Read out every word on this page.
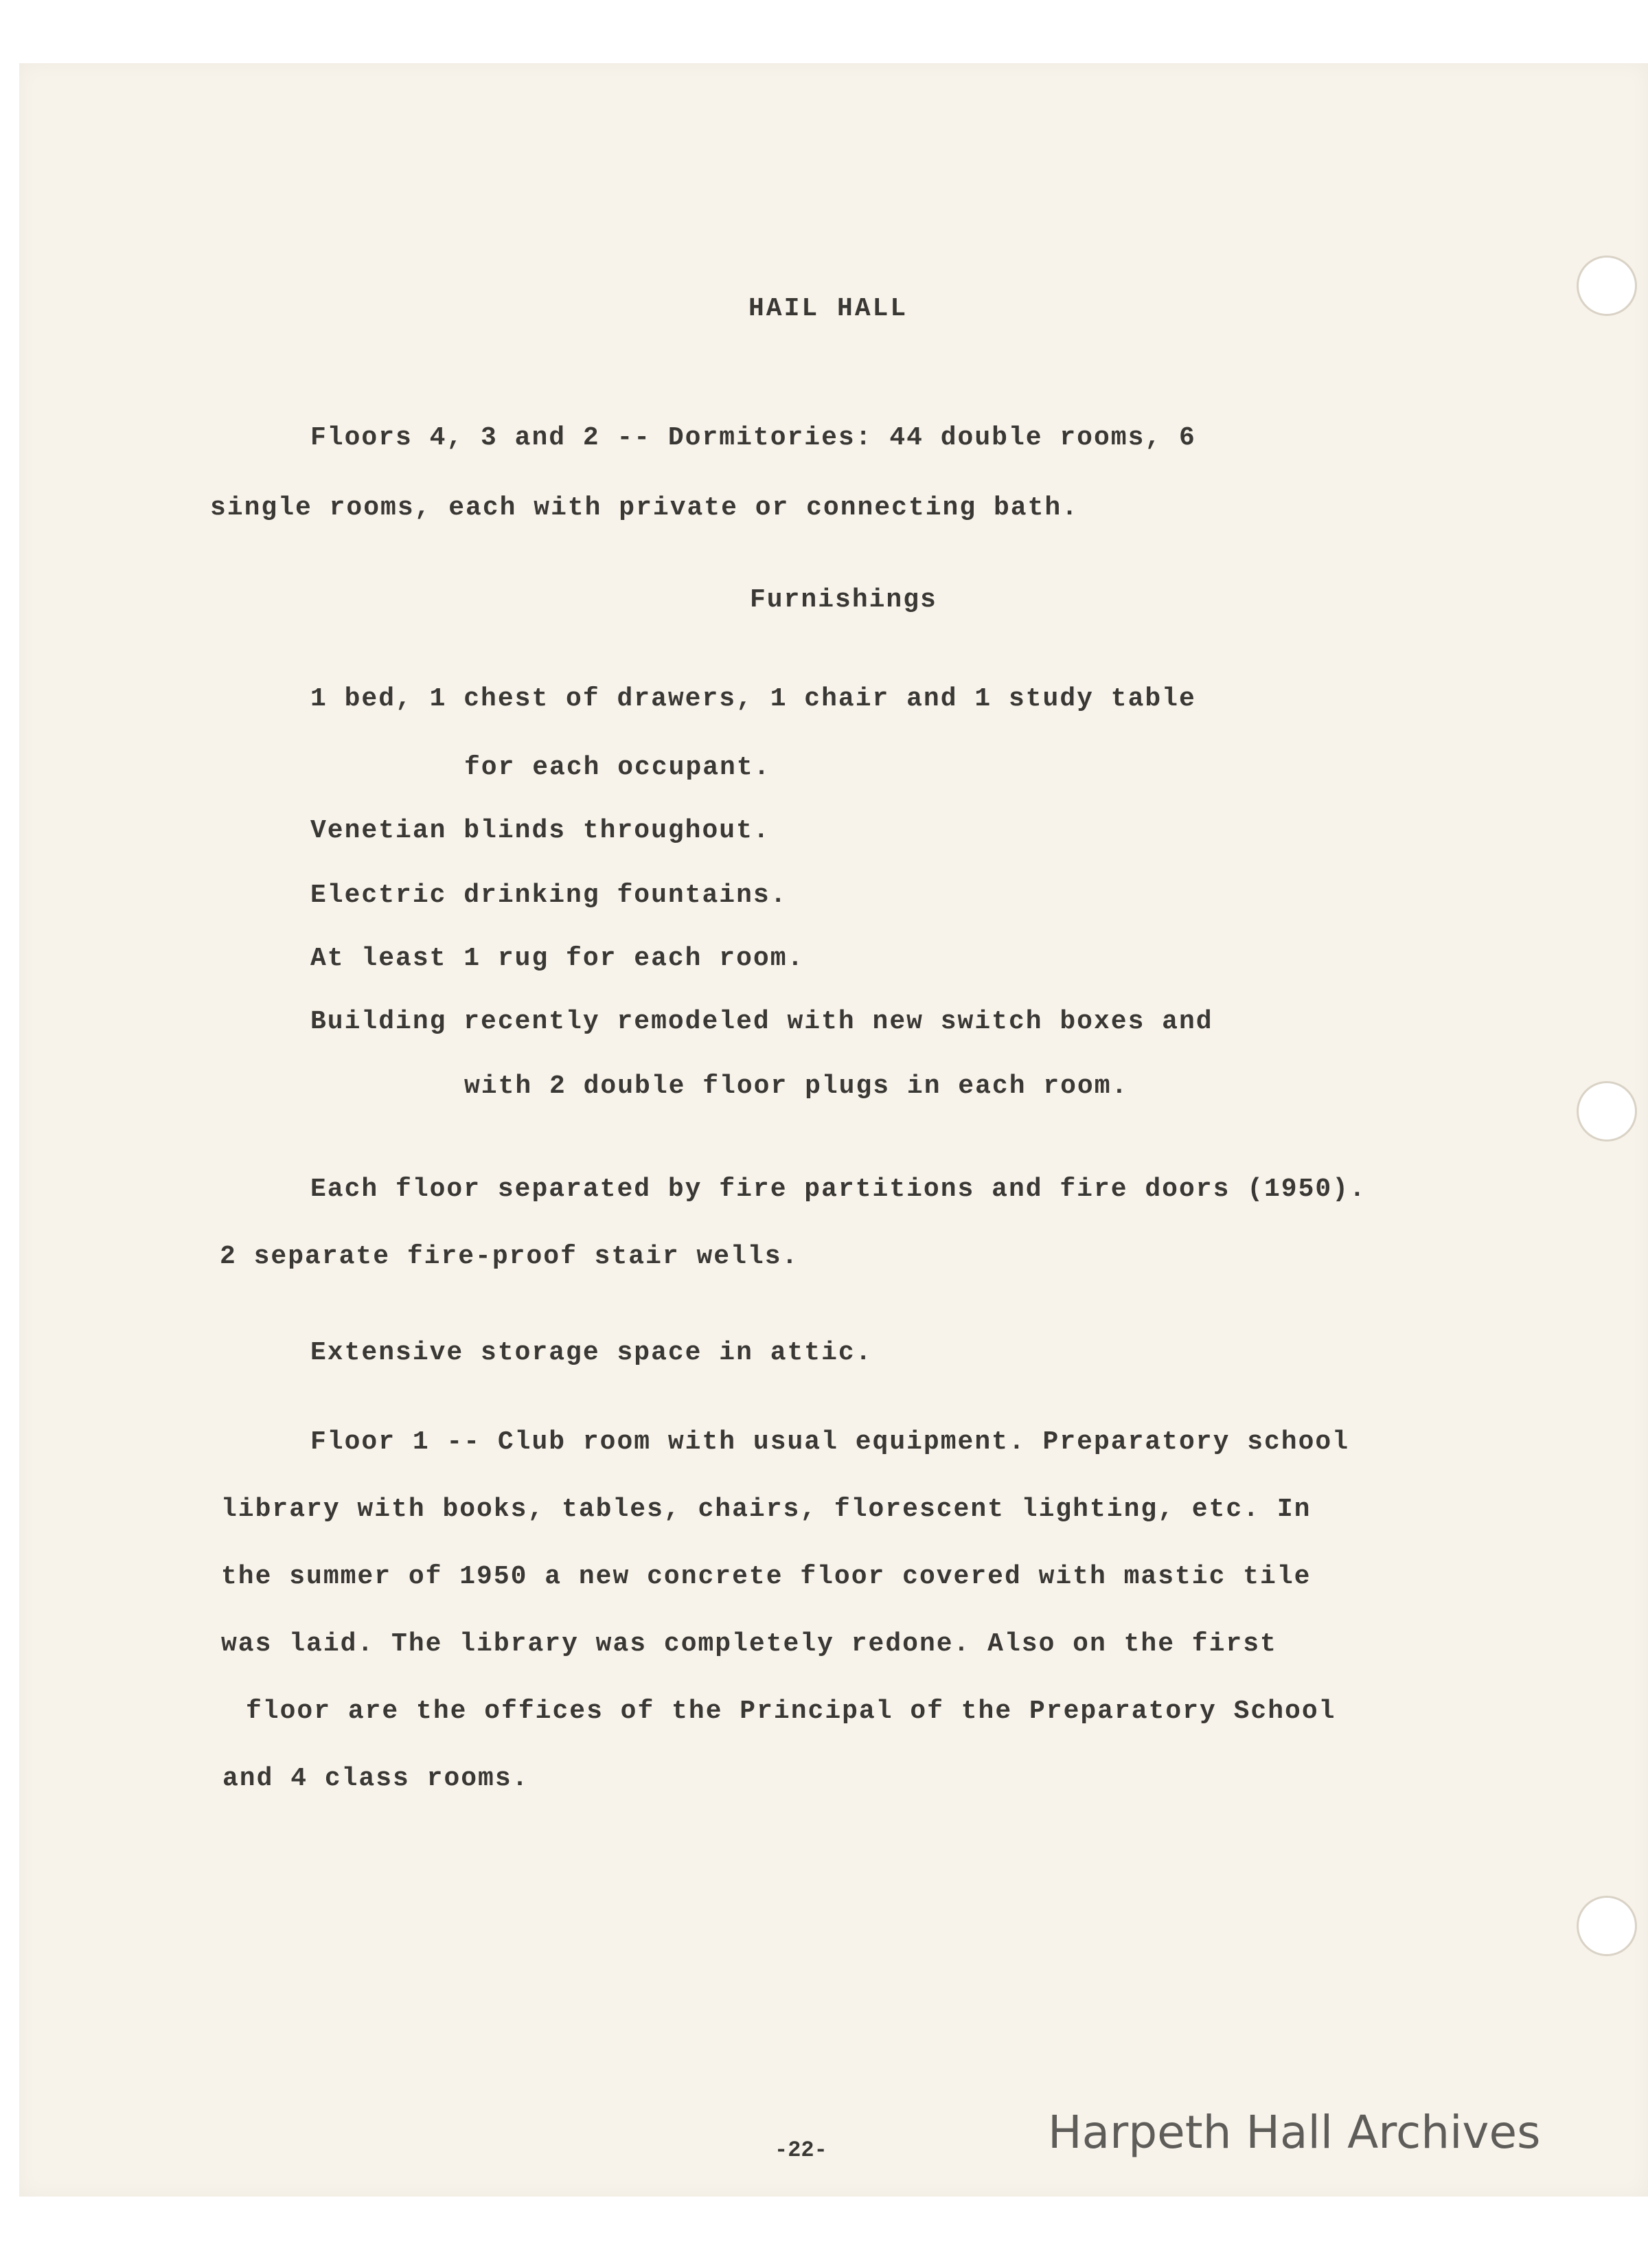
HAIL HALL

Floors 4, 3 and 2 -- Dormitories: 44 double rooms, 6

single rooms, each with private or connecting bath.

Furnishings

1 bed, 1 chest of drawers, 1 chair and 1 study table

for each occupant.

Venetian blinds throughout.

Electric drinking fountains.

At least 1 rug for each room.

Building recently remodeled with new switch boxes and

with 2 double floor plugs in each room.

Each floor separated by fire partitions and fire doors (1950).

2 separate fire-proof stair wells.

Extensive storage space in attic.

Floor 1 -- Club room with usual equipment. Preparatory school

library with books, tables, chairs, florescent lighting, etc. In

the summer of 1950 a new concrete floor covered with mastic tile

was laid. The library was completely redone. Also on the first

floor are the offices of the Principal of the Preparatory School

and 4 class rooms.

-22-	Harpeth Hall Archives
